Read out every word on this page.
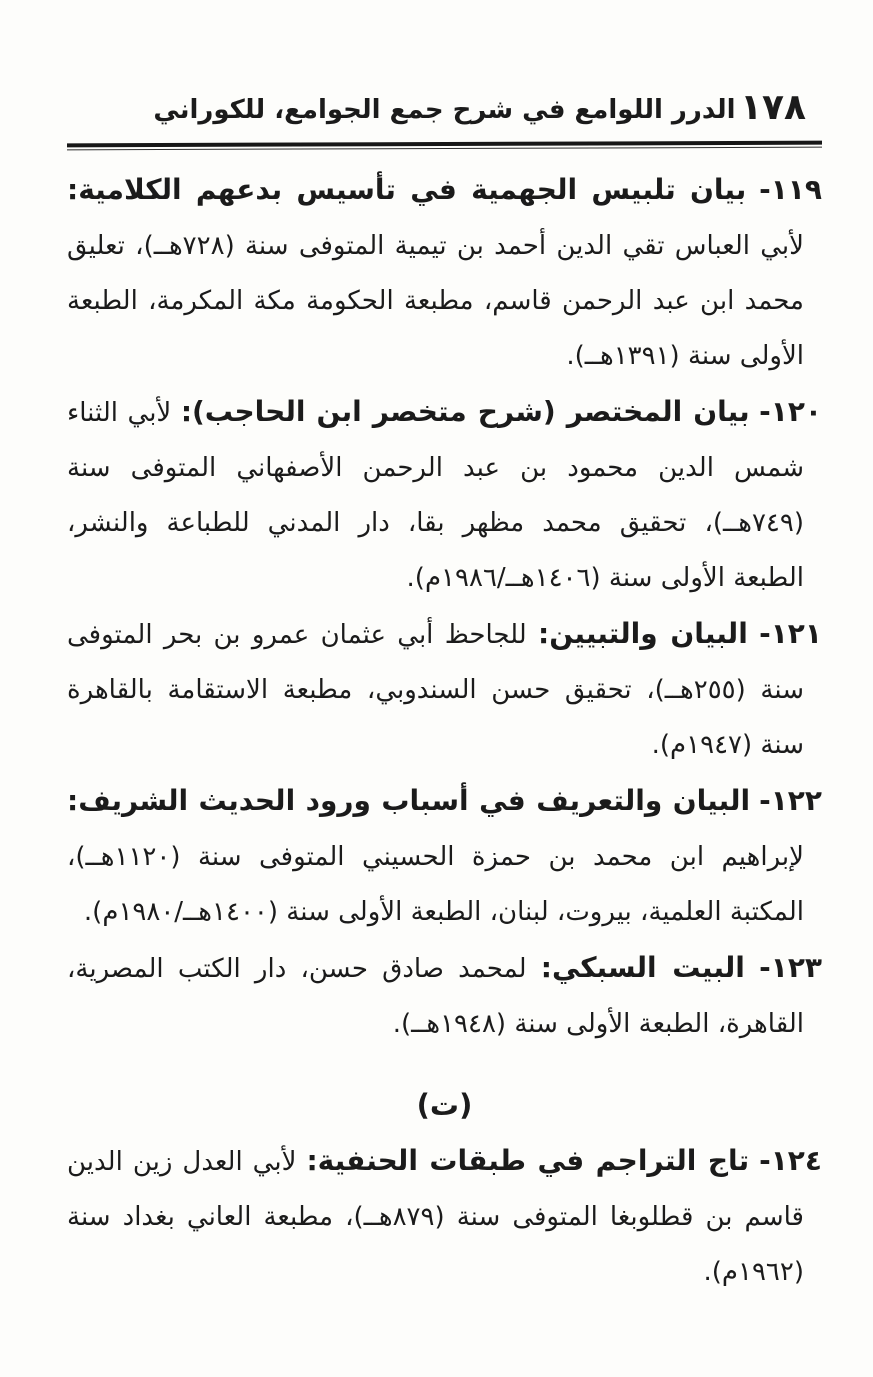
١٧٨
الدرر اللوامع في شرح جمع الجوامع، للكوراني

١١٩- بيان تلبيس الجهمية في تأسيس بدعهم الكلامية: لأبي العباس تقي الدين أحمد بن تيمية المتوفى سنة (٧٢٨هــ)، تعليق محمد ابن عبد الرحمن قاسم، مطبعة الحكومة مكة المكرمة، الطبعة الأولى سنة (١٣٩١هــ).

١٢٠- بيان المختصر (شرح متخصر ابن الحاجب): لأبي الثناء شمس الدين محمود بن عبد الرحمن الأصفهاني المتوفى سنة (٧٤٩هــ)، تحقيق محمد مظهر بقا، دار المدني للطباعة والنشر، الطبعة الأولى سنة (١٤٠٦هــ/١٩٨٦م).

١٢١- البيان والتبيين: للجاحظ أبي عثمان عمرو بن بحر المتوفى سنة (٢٥٥هــ)، تحقيق حسن السندوبي، مطبعة الاستقامة بالقاهرة سنة (١٩٤٧م).

١٢٢- البيان والتعريف في أسباب ورود الحديث الشريف: لإبراهيم ابن محمد بن حمزة الحسيني المتوفى سنة (١١٢٠هــ)، المكتبة العلمية، بيروت، لبنان، الطبعة الأولى سنة (١٤٠٠هــ/١٩٨٠م).

١٢٣- البيت السبكي: لمحمد صادق حسن، دار الكتب المصرية، القاهرة، الطبعة الأولى سنة (١٩٤٨هــ).

(ت)

١٢٤- تاج التراجم في طبقات الحنفية: لأبي العدل زين الدين قاسم بن قطلوبغا المتوفى سنة (٨٧٩هــ)، مطبعة العاني بغداد سنة (١٩٦٢م).
